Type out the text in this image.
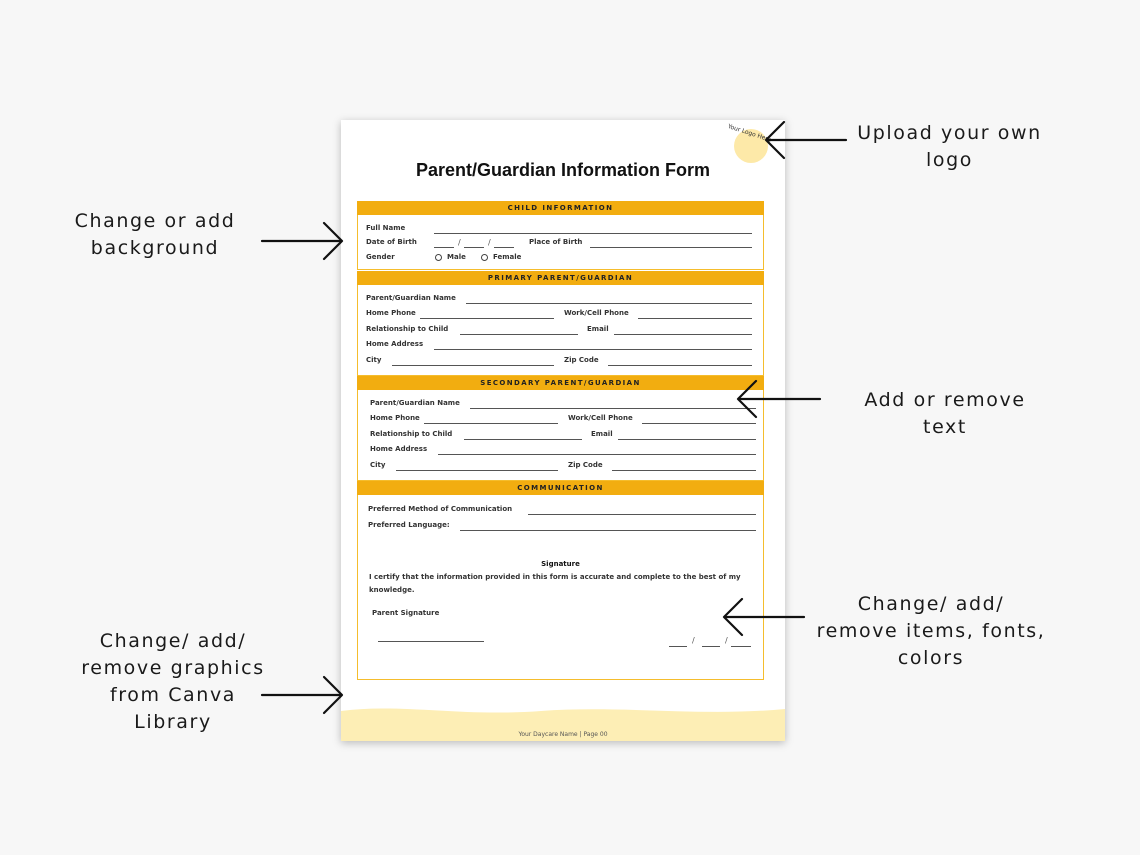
Upload your own
logo
Change or add
background
Add or remove
text
Change/ add/
remove items, fonts,
colors
Change/ add/
remove graphics
from Canva
Library
Your Logo Here
Parent/Guardian Information Form
CHILD INFORMATION
Full Name
Date of Birth	/	/	Place of Birth
Gender	Male	Female
PRIMARY PARENT/GUARDIAN
Parent/Guardian Name
Home Phone	Work/Cell Phone
Relationship to Child	Email
Home Address
City	Zip Code
SECONDARY PARENT/GUARDIAN
Parent/Guardian Name
Home Phone	Work/Cell Phone
Relationship to Child	Email
Home Address
City	Zip Code
COMMUNICATION
Preferred Method of Communication
Preferred Language:
Signature
I certify that the information provided in this form is accurate and complete to the best of my knowledge.
Parent Signature
/	/
Your Daycare Name | Page 00
